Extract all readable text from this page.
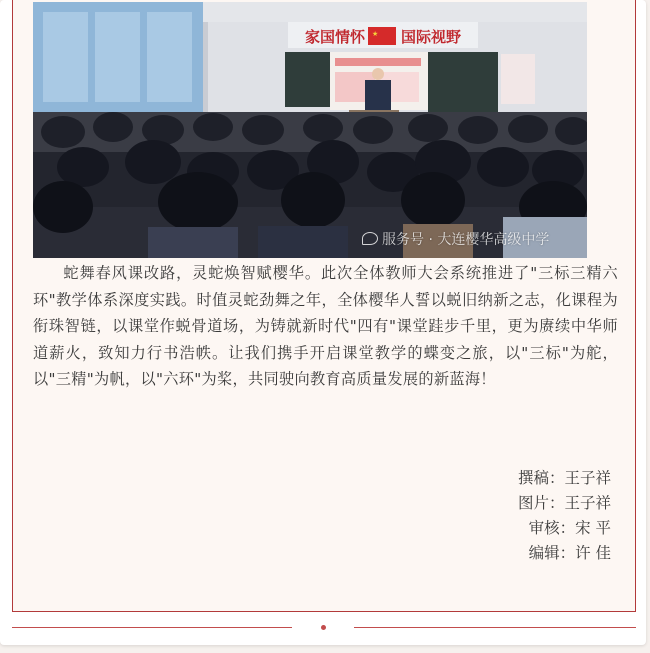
家国情怀 ★ 国际视野
服务号 · 大连樱华高级中学

蛇舞春风课改路，灵蛇焕智赋樱华。此次全体教师大会系统推进了"三标三精六环"教学体系深度实践。时值灵蛇劲舞之年，全体樱华人誓以蜕旧纳新之志，化课程为衔珠智链，以课堂作蜕骨道场，为铸就新时代"四有"课堂跬步千里，更为赓续中华师道薪火，致知力行书浩帙。让我们携手开启课堂教学的蝶变之旅，以"三标"为舵，以"三精"为帆，以"六环"为桨，共同驶向教育高质量发展的新蓝海！

撰稿：王子祥
图片：王子祥
审核：宋 平
编辑：许 佳
